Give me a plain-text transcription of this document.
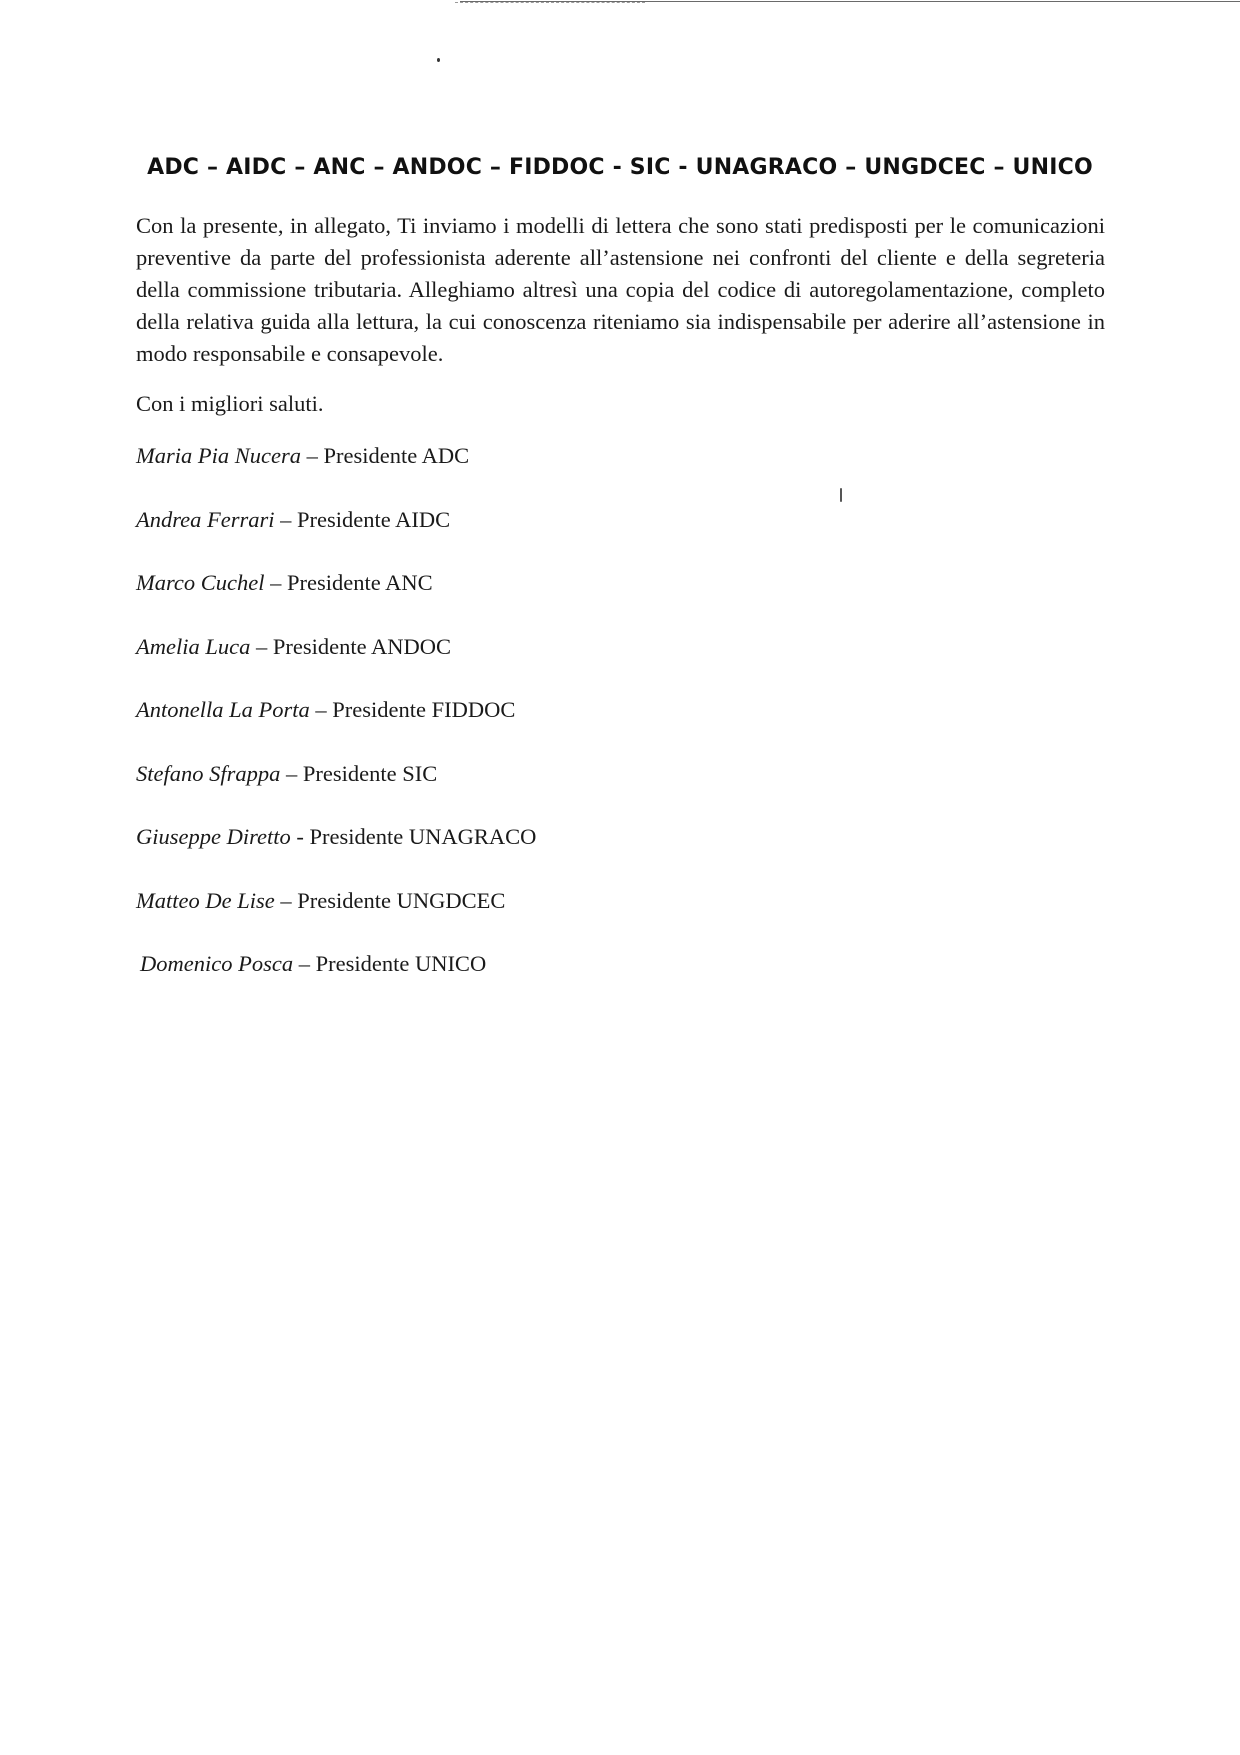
ADC – AIDC – ANC – ANDOC – FIDDOC - SIC - UNAGRACO – UNGDCEC – UNICO

Con la presente, in allegato, Ti inviamo i modelli di lettera che sono stati predisposti per le comunicazioni preventive da parte del professionista aderente all’astensione nei confronti del cliente e della segreteria della commissione tributaria. Alleghiamo altresì una copia del codice di autoregolamentazione, completo della relativa guida alla lettura, la cui conoscenza riteniamo sia indispensabile per aderire all’astensione in modo responsabile e consapevole.

Con i migliori saluti.

Maria Pia Nucera – Presidente ADC
Andrea Ferrari – Presidente AIDC
Marco Cuchel – Presidente ANC
Amelia Luca – Presidente ANDOC
Antonella La Porta – Presidente FIDDOC
Stefano Sfrappa – Presidente SIC
Giuseppe Diretto - Presidente UNAGRACO
Matteo De Lise – Presidente UNGDCEC
Domenico Posca – Presidente UNICO
